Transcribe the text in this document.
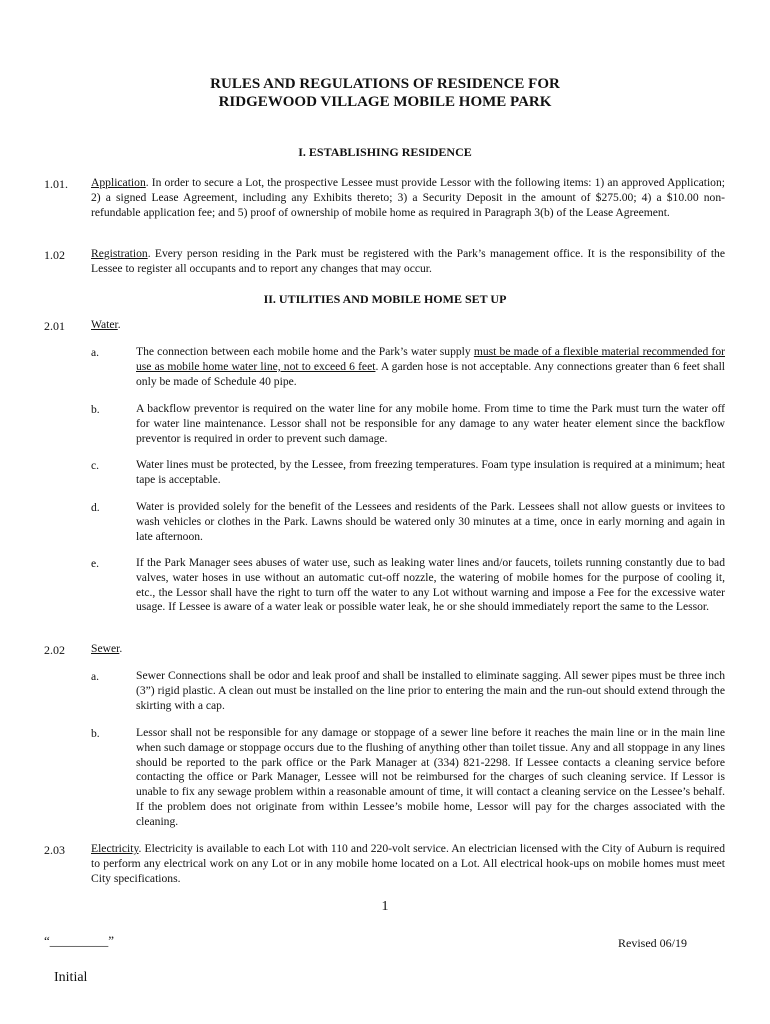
RULES AND REGULATIONS OF RESIDENCE FOR
RIDGEWOOD VILLAGE MOBILE HOME PARK
I. ESTABLISHING RESIDENCE
1.01. Application. In order to secure a Lot, the prospective Lessee must provide Lessor with the following items: 1) an approved Application; 2) a signed Lease Agreement, including any Exhibits thereto; 3) a Security Deposit in the amount of $275.00; 4) a $10.00 non-refundable application fee; and 5) proof of ownership of mobile home as required in Paragraph 3(b) of the Lease Agreement.
1.02 Registration. Every person residing in the Park must be registered with the Park’s management office. It is the responsibility of the Lessee to register all occupants and to report any changes that may occur.
II. UTILITIES AND MOBILE HOME SET UP
2.01 Water.
a.	The connection between each mobile home and the Park’s water supply must be made of a flexible material recommended for use as mobile home water line, not to exceed 6 feet. A garden hose is not acceptable. Any connections greater than 6 feet shall only be made of Schedule 40 pipe.
b.	A backflow preventor is required on the water line for any mobile home. From time to time the Park must turn the water off for water line maintenance. Lessor shall not be responsible for any damage to any water heater element since the backflow preventor is required in order to prevent such damage.
c.	Water lines must be protected, by the Lessee, from freezing temperatures. Foam type insulation is required at a minimum; heat tape is acceptable.
d.	Water is provided solely for the benefit of the Lessees and residents of the Park. Lessees shall not allow guests or invitees to wash vehicles or clothes in the Park. Lawns should be watered only 30 minutes at a time, once in early morning and again in late afternoon.
e.	If the Park Manager sees abuses of water use, such as leaking water lines and/or faucets, toilets running constantly due to bad valves, water hoses in use without an automatic cut-off nozzle, the watering of mobile homes for the purpose of cooling it, etc., the Lessor shall have the right to turn off the water to any Lot without warning and impose a Fee for the excessive water usage. If Lessee is aware of a water leak or possible water leak, he or she should immediately report the same to the Lessor.
2.02 Sewer.
a.	Sewer Connections shall be odor and leak proof and shall be installed to eliminate sagging. All sewer pipes must be three inch (3”) rigid plastic. A clean out must be installed on the line prior to entering the main and the run-out should extend through the skirting with a cap.
b.	Lessor shall not be responsible for any damage or stoppage of a sewer line before it reaches the main line or in the main line when such damage or stoppage occurs due to the flushing of anything other than toilet tissue. Any and all stoppage in any lines should be reported to the park office or the Park Manager at (334) 821-2298. If Lessee contacts a cleaning service before contacting the office or Park Manager, Lessee will not be reimbursed for the charges of such cleaning service. If Lessor is unable to fix any sewage problem within a reasonable amount of time, it will contact a cleaning service on the Lessee’s behalf. If the problem does not originate from within Lessee’s mobile home, Lessor will pay for the charges associated with the cleaning.
2.03 Electricity. Electricity is available to each Lot with 110 and 220-volt service. An electrician licensed with the City of Auburn is required to perform any electrical work on any Lot or in any mobile home located on a Lot. All electrical hook-ups on mobile homes must meet City specifications.
1
“_________”	Revised 06/19
Initial
